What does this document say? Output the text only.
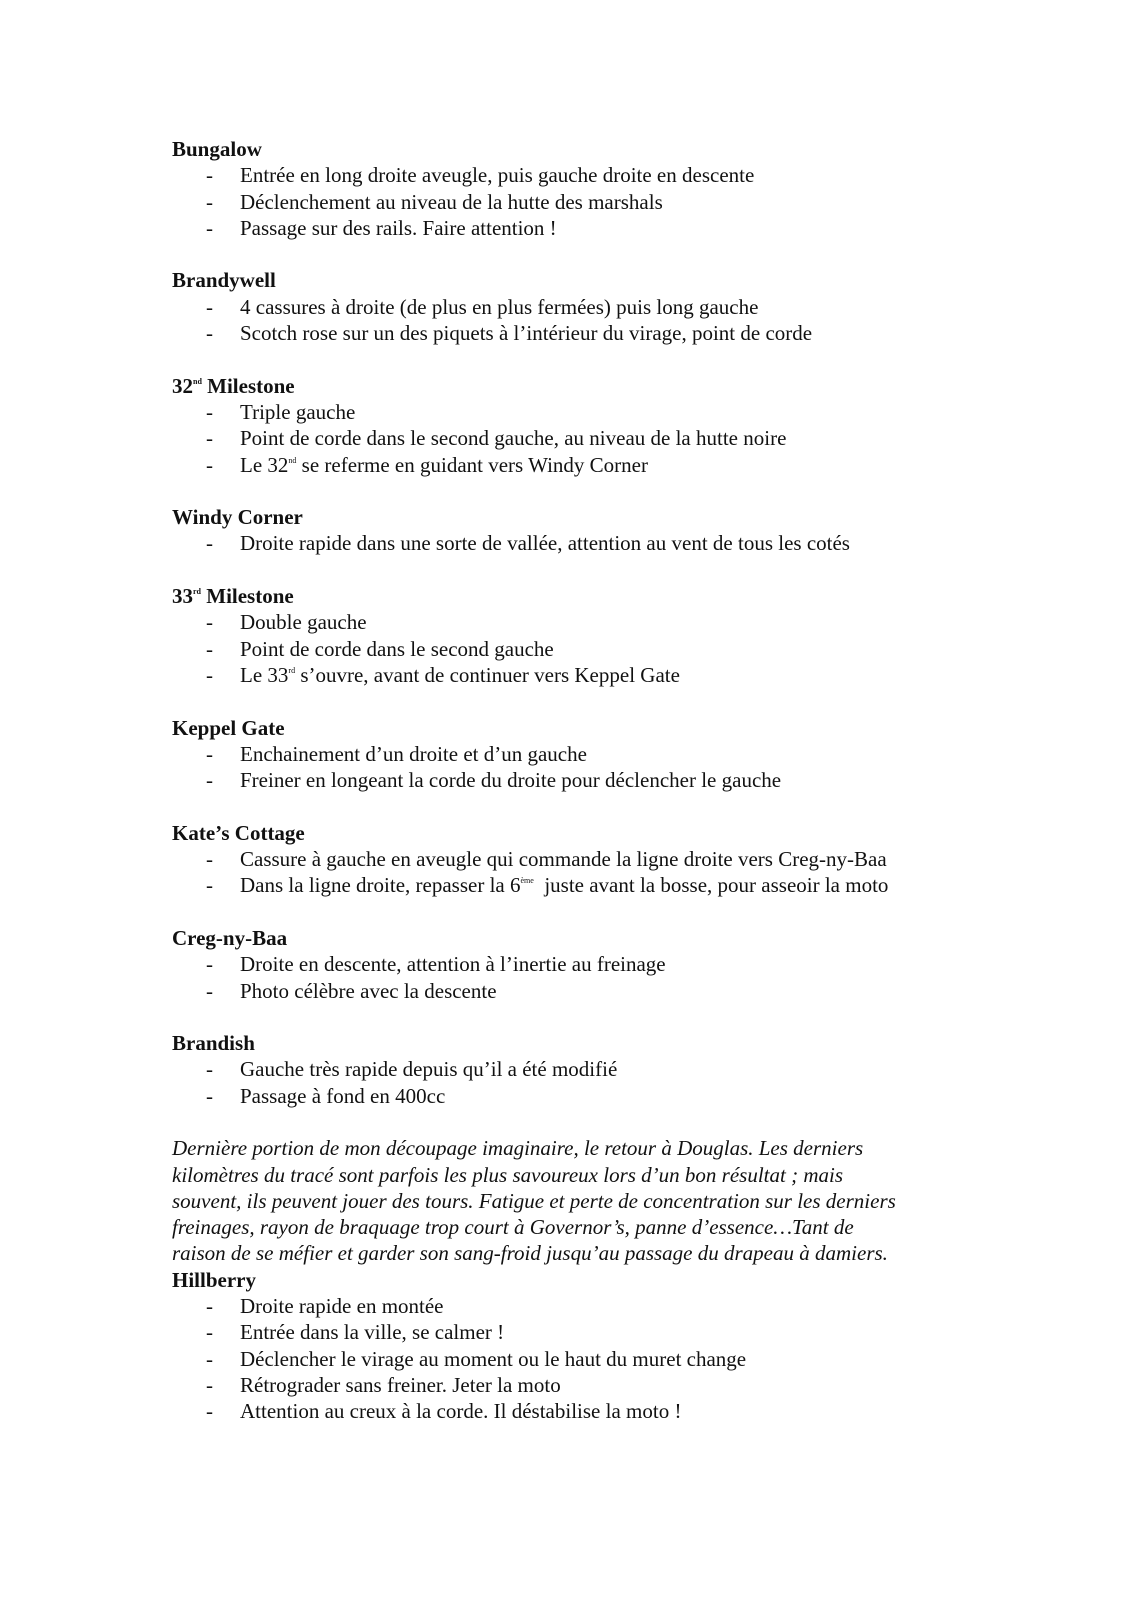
Bungalow

- Entrée en long droite aveugle, puis gauche droite en descente
- Déclenchement au niveau de la hutte des marshals
- Passage sur des rails. Faire attention !

Brandywell

- 4 cassures à droite (de plus en plus fermées) puis long gauche
- Scotch rose sur un des piquets à l’intérieur du virage, point de corde

32nd Milestone

- Triple gauche
- Point de corde dans le second gauche, au niveau de la hutte noire
- Le 32nd se referme en guidant vers Windy Corner

Windy Corner

- Droite rapide dans une sorte de vallée, attention au vent de tous les cotés

33rd Milestone

- Double gauche
- Point de corde dans le second gauche
- Le 33rd s’ouvre, avant de continuer vers Keppel Gate

Keppel Gate

- Enchainement d’un droite et d’un gauche
- Freiner en longeant la corde du droite pour déclencher le gauche

Kate’s Cottage

- Cassure à gauche en aveugle qui commande la ligne droite vers Creg-ny-Baa
- Dans la ligne droite, repasser la 6ème  juste avant la bosse, pour asseoir la moto

Creg-ny-Baa

- Droite en descente, attention à l’inertie au freinage
- Photo célèbre avec la descente

Brandish

- Gauche très rapide depuis qu’il a été modifié
- Passage à fond en 400cc
Dernière portion de mon découpage imaginaire, le retour à Douglas. Les derniers
kilomètres du tracé sont parfois les plus savoureux lors d’un bon résultat ; mais
souvent, ils peuvent jouer des tours. Fatigue et perte de concentration sur les derniers
freinages, rayon de braquage trop court à Governor’s, panne d’essence…Tant de
raison de se méfier et garder son sang-froid jusqu’au passage du drapeau à damiers.

Hillberry

- Droite rapide en montée
- Entrée dans la ville, se calmer !
- Déclencher le virage au moment ou le haut du muret change
- Rétrograder sans freiner. Jeter la moto
- Attention au creux à la corde. Il déstabilise la moto !
